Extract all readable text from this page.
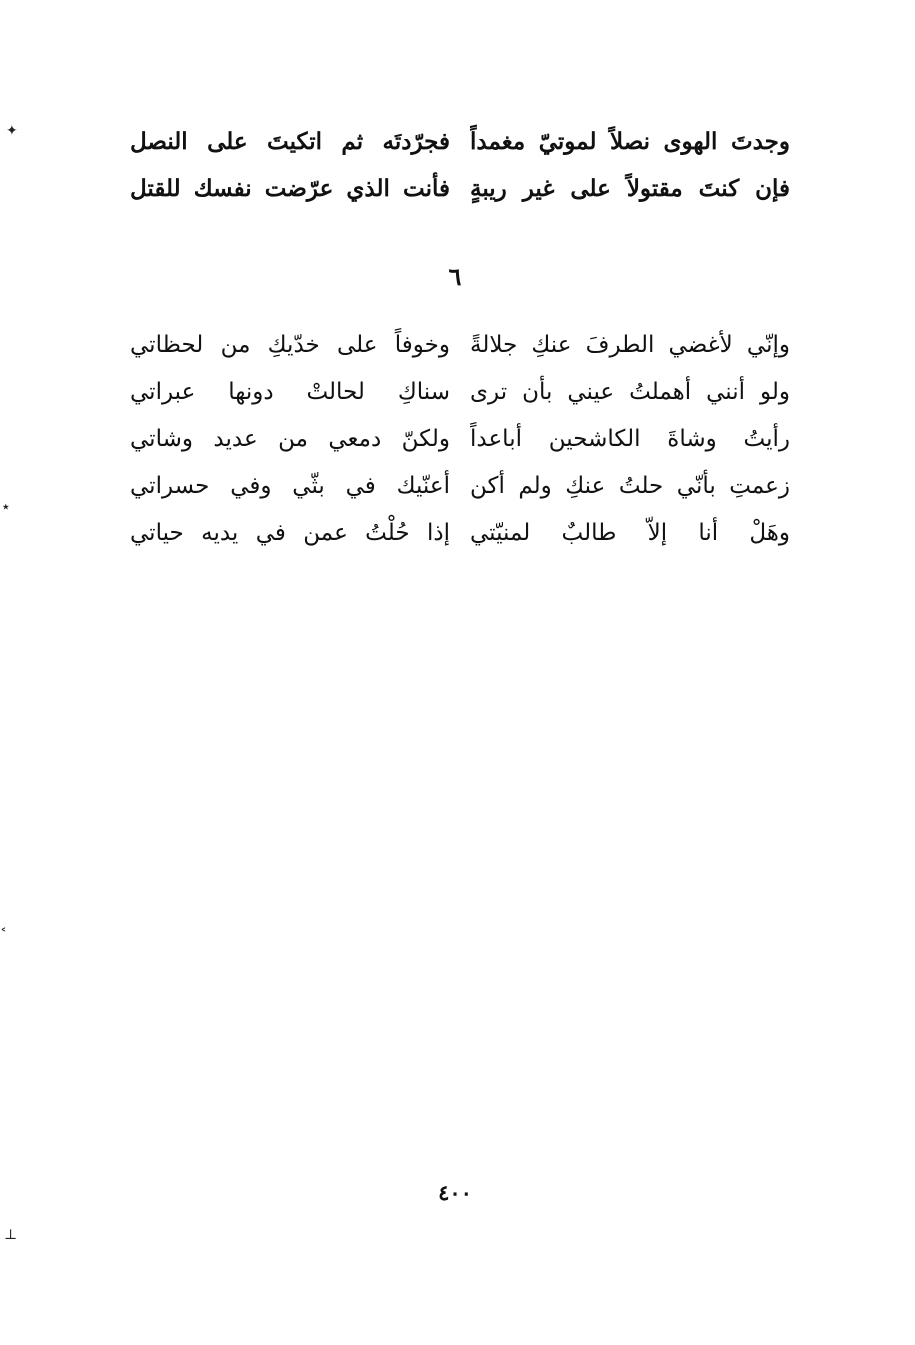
وجدتَ الهوى نصلاً لموتيّ مغمداً
فجرّدتَه ثم اتكيتَ على النصل
فإن كنتَ مقتولاً على غير ريبةٍ
فأنت الذي عرّضت نفسك للقتل
٦
وإنّي لأغضي الطرفَ عنكِ جلالةً
وخوفاً على خدّيكِ من لحظاتي
ولو أنني أهملتُ عيني بأن ترى
سناكِ لحالتْ دونها عبراتي
رأيتُ وشاةَ الكاشحين أباعداً
ولكنّ دمعي من عديد وشاتي
زعمتِ بأنّي حلتُ عنكِ ولم أكن
أعنّيك في بثّي وفي حسراتي
وهَلْ أنا إلاّ طالبٌ لمنيّتي
إذا حُلْتُ عمن في يديه حياتي
٤٠٠
✦
٭
˂
⊥
